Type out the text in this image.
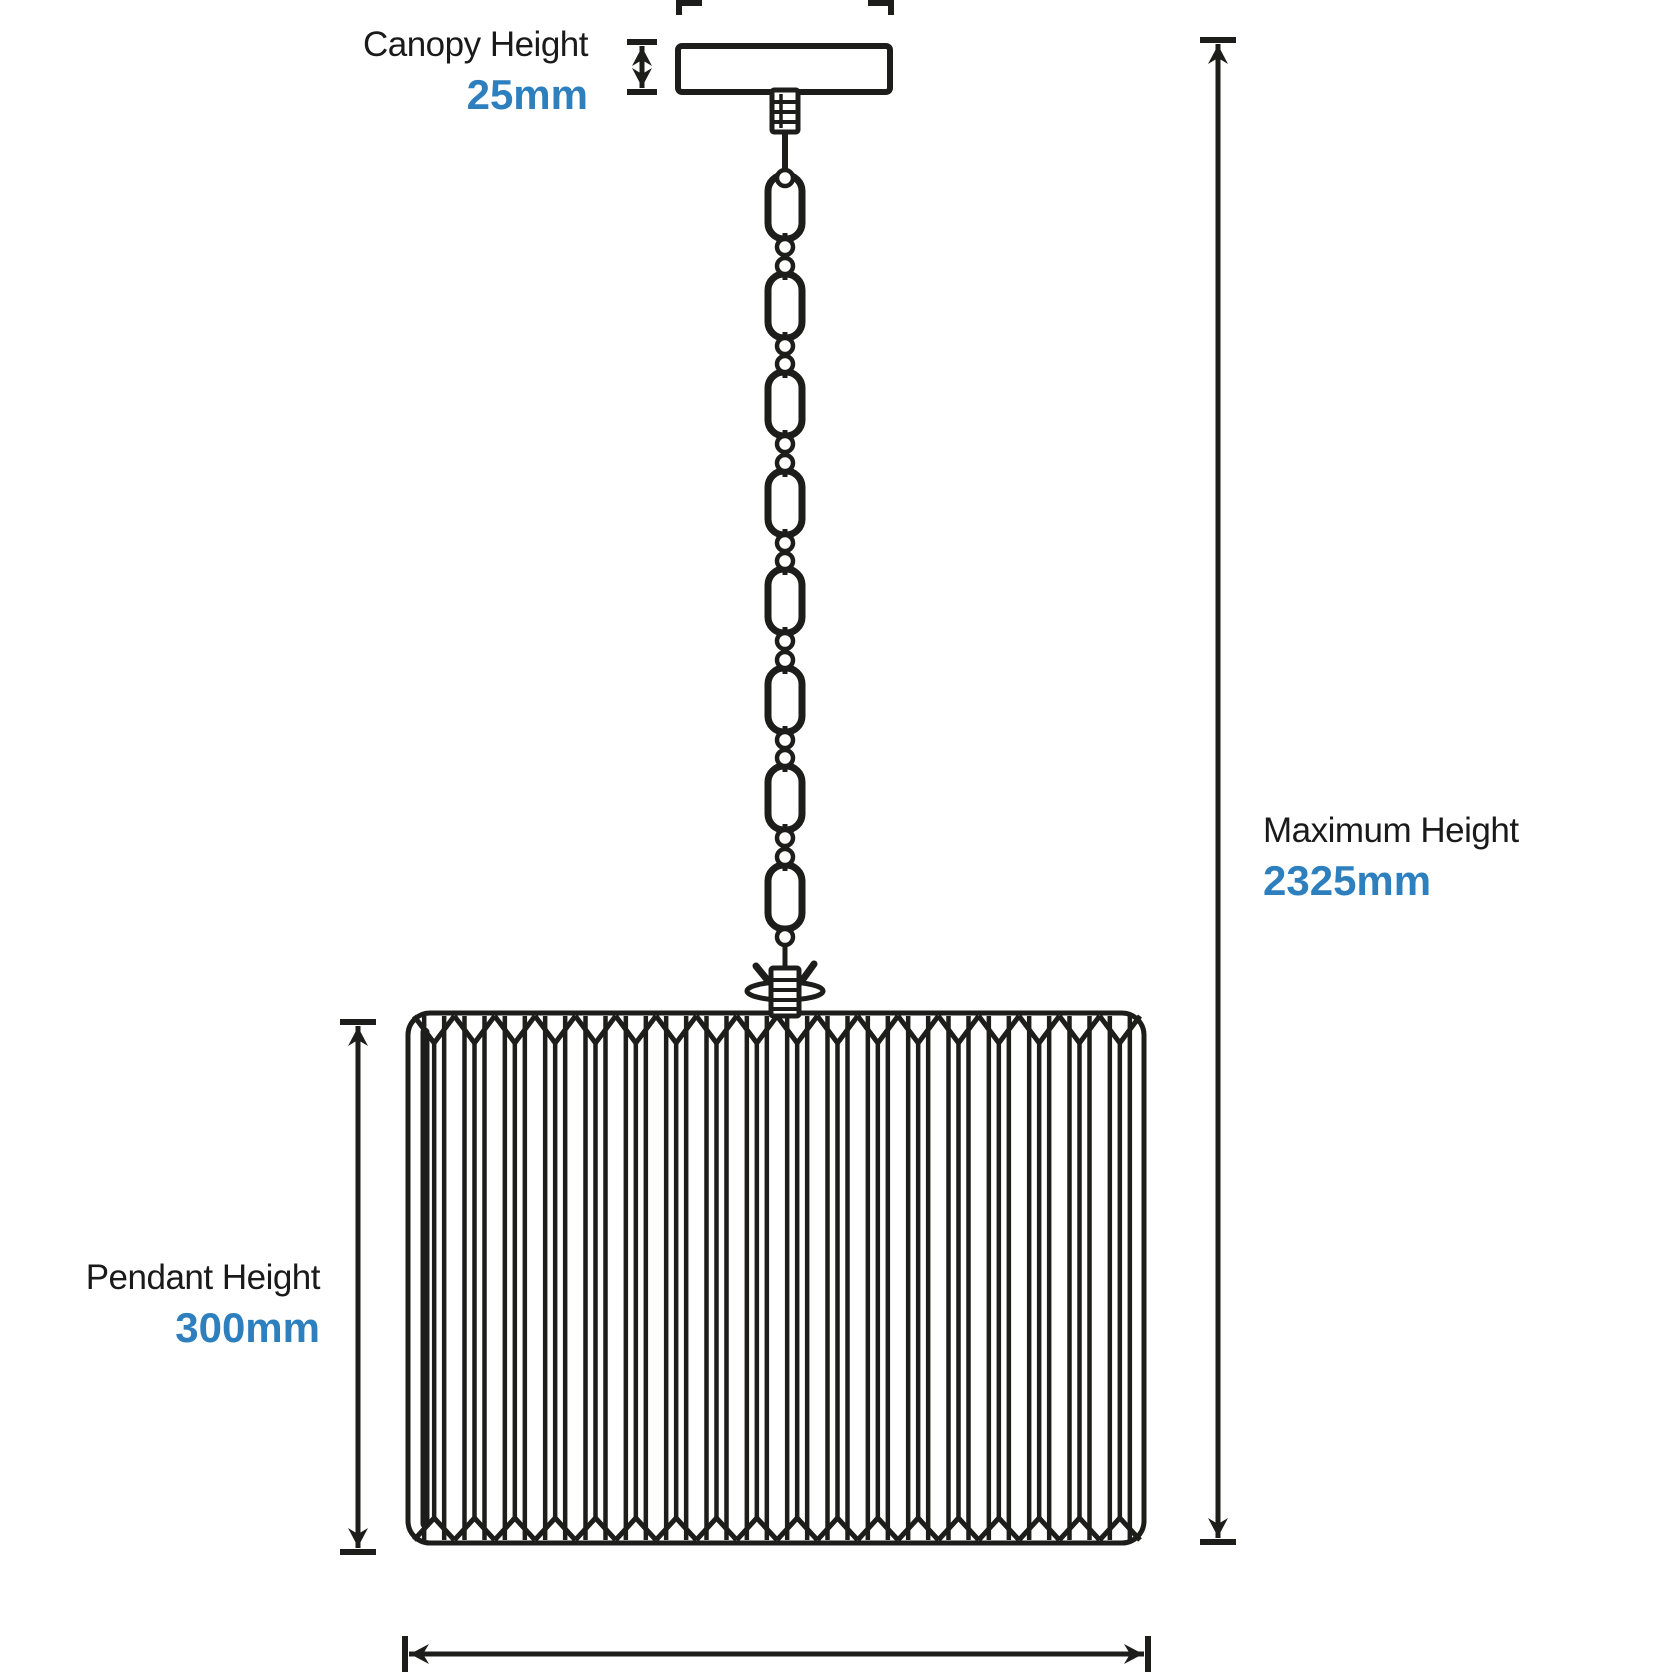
Canopy Height
25mm
Maximum Height
2325mm
Pendant Height
300mm
